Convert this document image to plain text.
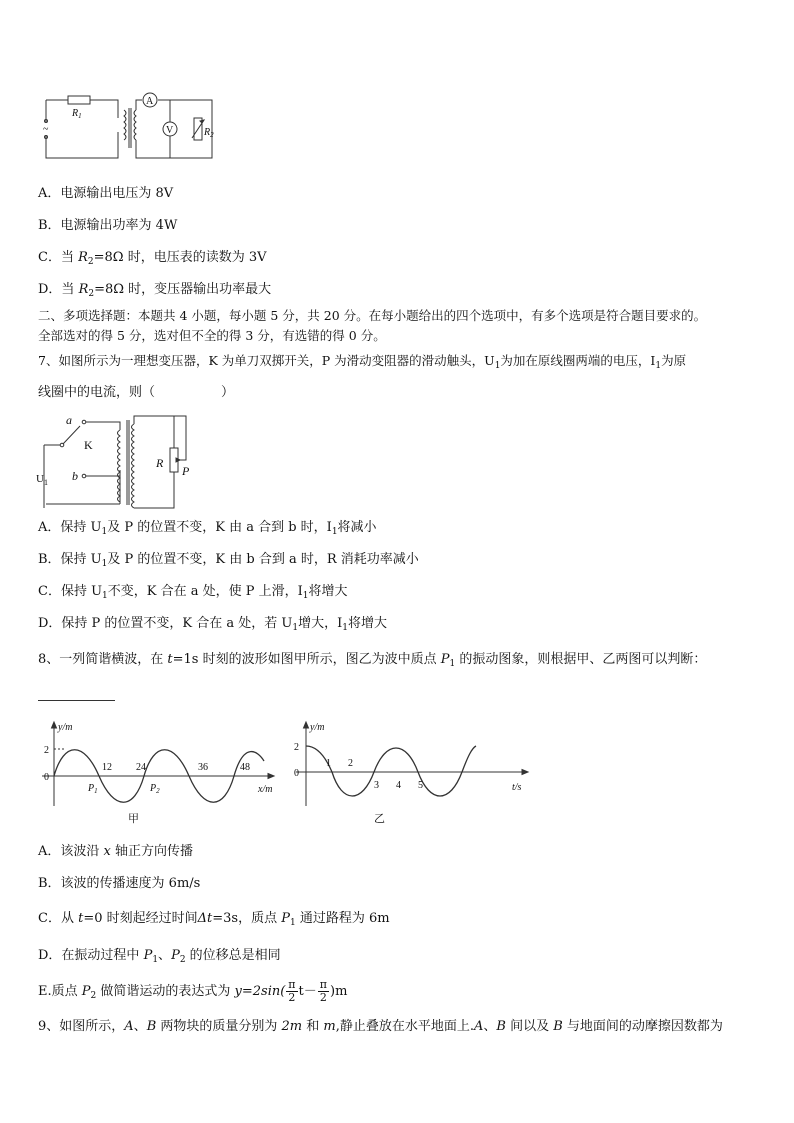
A
V
~
$R_1$
$R_2$
A．电源输出电压为 8V
B．电源输出功率为 4W
C．当 $R_2=8\Omega$ 时，电压表的读数为 3V
D．当 $R_2=8\Omega$ 时，变压器输出功率最大
二、多项选择题：本题共 4 小题，每小题 5 分，共 20 分。在每小题给出的四个选项中，有多个选项是符合题目要求的。
全部选对的得 5 分，选对但不全的得 3 分，有选错的得 0 分。
7、如图所示为一理想变压器，K 为单刀双掷开关，P 为滑动变阻器的滑动触头，$U_1$为加在原线圈两端的电压，$I_1$为原
线圈中的电流，则（	）
a
K
b
$U_1$
R
P
A．保持 $U_1$及 P 的位置不变，K 由 a 合到 b 时，$I_1$将减小
B．保持 $U_1$及 P 的位置不变，K 由 b 合到 a 时，R 消耗功率减小
C．保持 $U_1$不变，K 合在 a 处，使 P 上滑，$I_1$将增大
D．保持 P 的位置不变，K 合在 a 处，若 $U_1$增大，$I_1$将增大
8、一列简谐横波，在 t=1s 时刻的波形如图甲所示，图乙为波中质点 $P_1$ 的振动图象，则根据甲、乙两图可以判断：
y/m
2
0
12 24	36	48
x/m
$P_1$	$P_2$
甲
y/m
2
0
1 2
3 4 5	t/s
乙
A．该波沿 x 轴正方向传播
B．该波的传播速度为 6m/s
C．从 t=0 时刻起经过时间Δt=3s，质点 $P_1$ 通过路程为 6m
D．在振动过程中 $P_1$、$P_2$ 的位移总是相同
E.质点 $P_2$ 做简谐运动的表达式为 $y=2\sin( \frac{\pi}{2} t- \frac{\pi}{2} )m$
9、如图所示，A、B 两物块的质量分别为 2m 和 m,静止叠放在水平地面上.A、B 间以及 B 与地面间的动摩擦因数都为
